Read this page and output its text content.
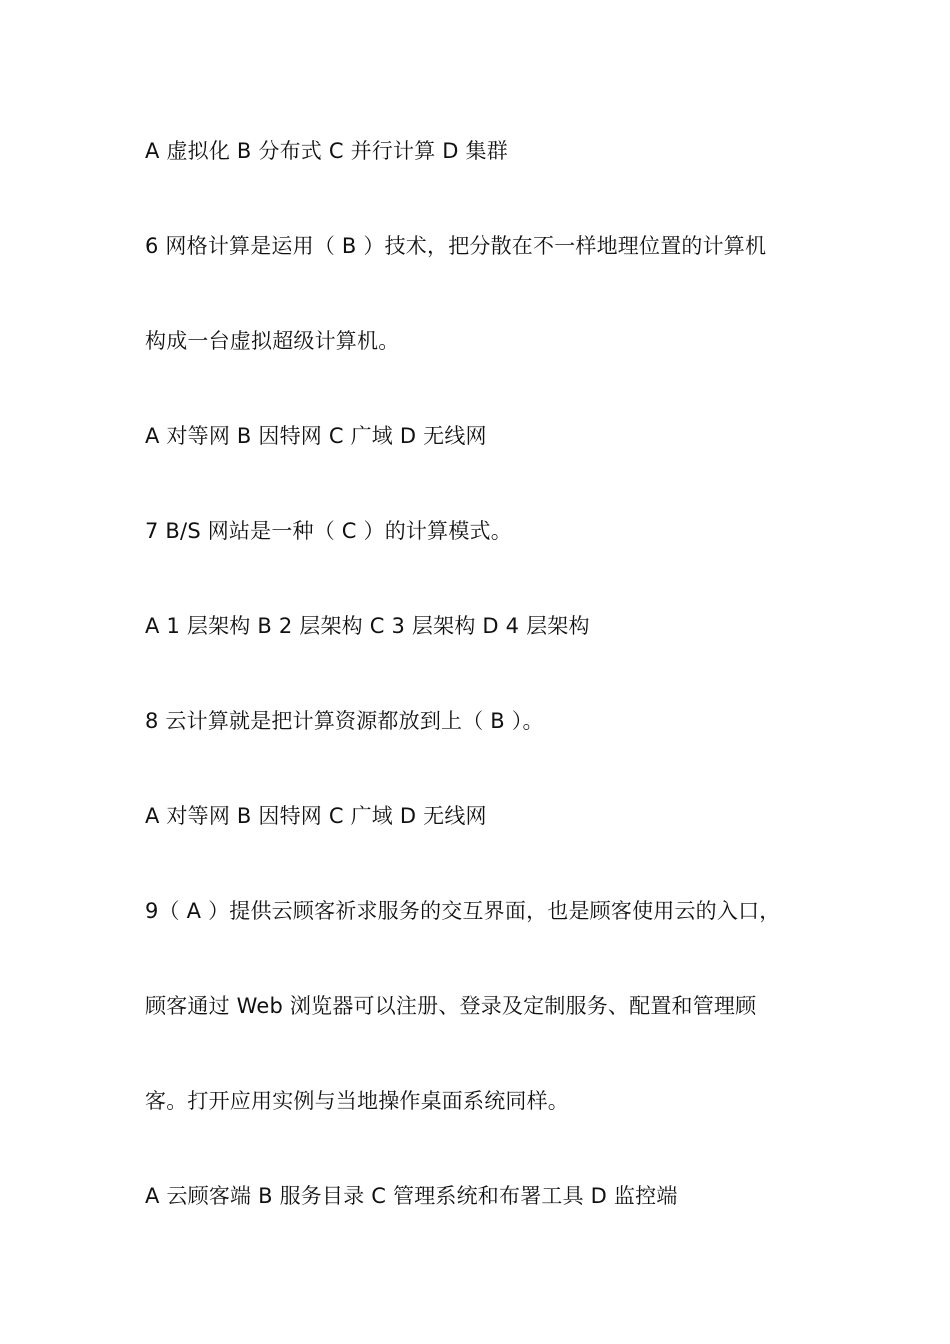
A 虚拟化 B 分布式 C 并行计算 D 集群
6 网格计算是运用（ B ）技术，把分散在不一样地理位置的计算机
构成一台虚拟超级计算机。
A 对等网 B 因特网 C 广域 D 无线网
7 B/S 网站是一种（ C ）的计算模式。
A 1 层架构 B 2 层架构 C 3 层架构 D 4 层架构
8 云计算就是把计算资源都放到上（ B ）。
A 对等网 B 因特网 C 广域 D 无线网
9（ A ）提供云顾客祈求服务的交互界面，也是顾客使用云的入口，
顾客通过 Web 浏览器可以注册、登录及定制服务、配置和管理顾
客。打开应用实例与当地操作桌面系统同样。
A 云顾客端 B 服务目录 C 管理系统和布署工具 D 监控端
